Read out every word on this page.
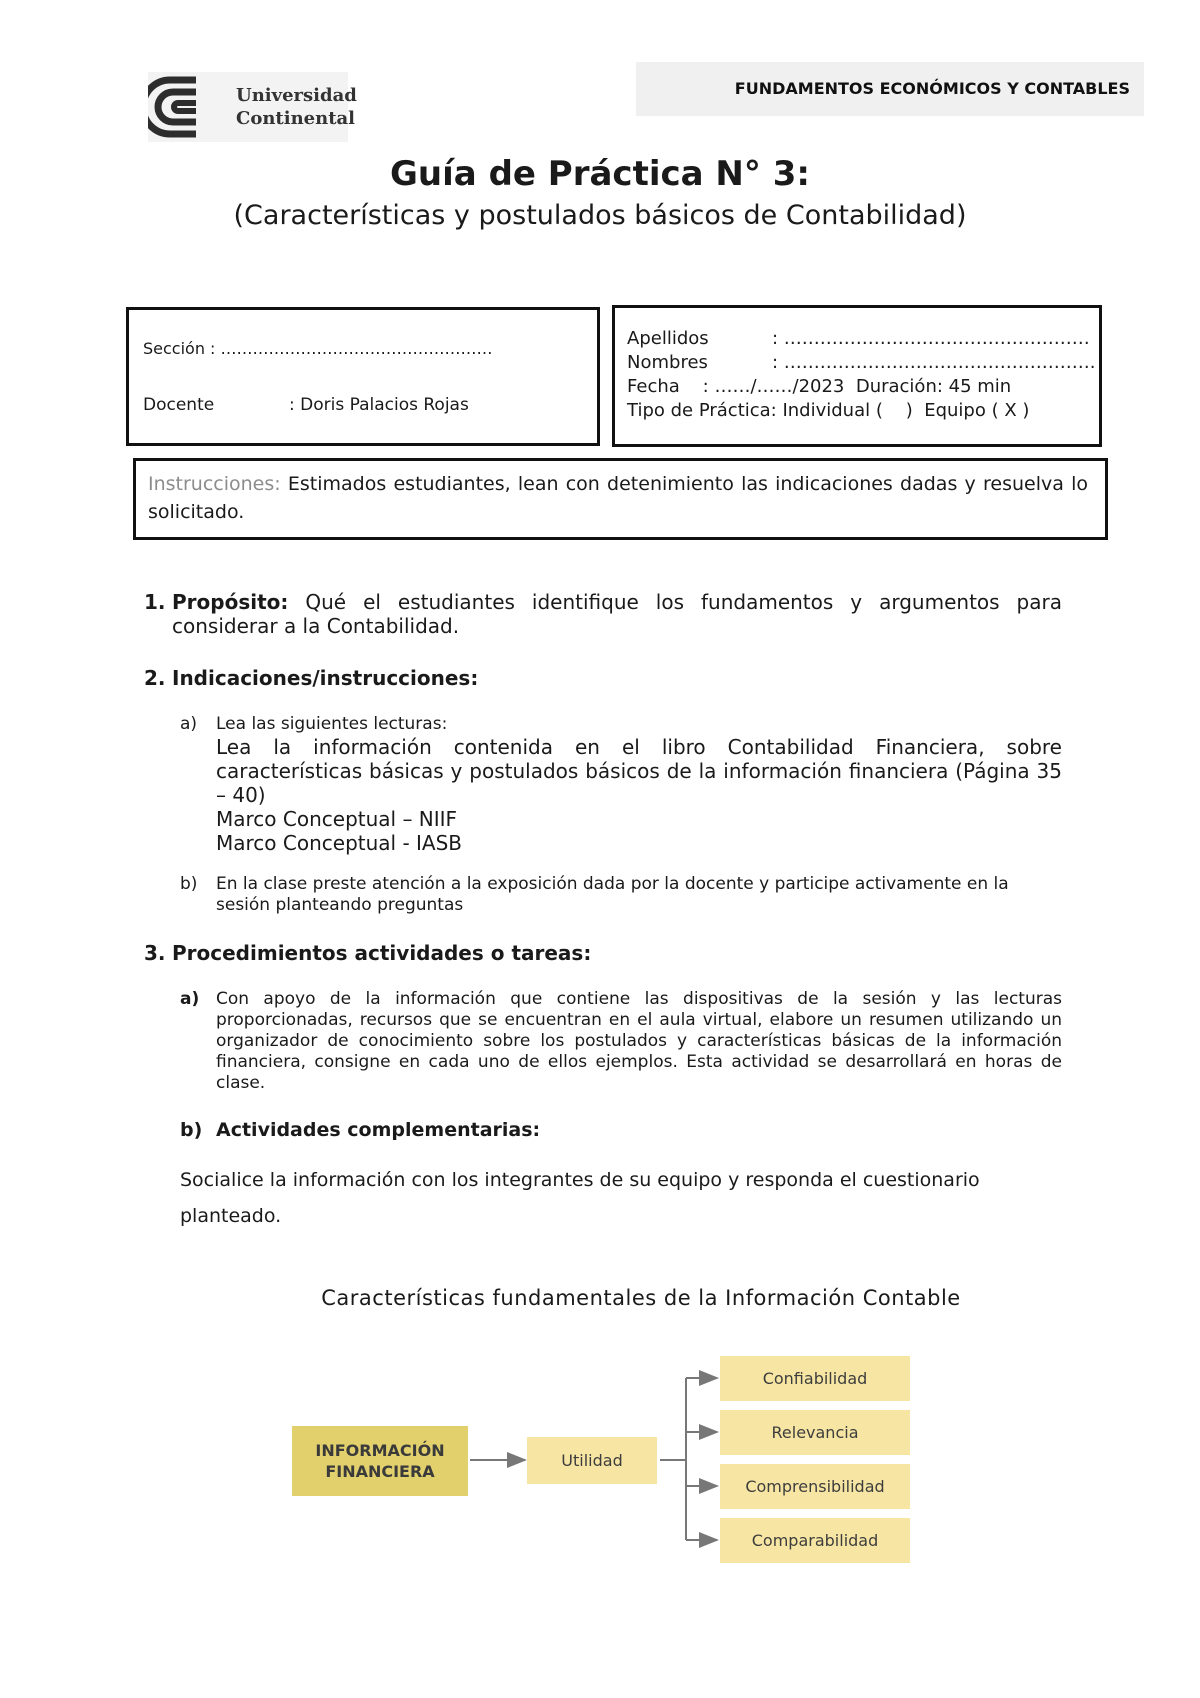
Universidad
Continental
FUNDAMENTOS ECONÓMICOS Y CONTABLES
Guía de Práctica N° 3:
(Características y postulados básicos de Contabilidad)
Sección : ……………………………………………
Docente	: Doris Palacios Rojas
Apellidos	: ……………………………………………
Nombres	: …………………………………………….
Fecha    : ……/……/2023  Duración: 45 min
Tipo de Práctica: Individual (    )  Equipo ( X )
Instrucciones: Estimados estudiantes, lean con detenimiento las indicaciones dadas y resuelva lo solicitado.
1. Propósito: Qué el estudiantes identifique los fundamentos y argumentos para considerar a la Contabilidad.
2. Indicaciones/instrucciones:
a) Lea las siguientes lecturas:
Lea la información contenida en el libro Contabilidad Financiera, sobre características básicas y postulados básicos de la información financiera (Página 35 – 40)
Marco Conceptual – NIIF
Marco Conceptual - IASB
b) En la clase preste atención a la exposición dada por la docente y participe activamente en la sesión planteando preguntas
3. Procedimientos actividades o tareas:
a) Con apoyo de la información que contiene las dispositivas de la sesión y las lecturas proporcionadas, recursos que se encuentran en el aula virtual, elabore un resumen utilizando un organizador de conocimiento sobre los postulados y características básicas de la información financiera, consigne en cada uno de ellos ejemplos. Esta actividad se desarrollará en horas de clase.
b) Actividades complementarias:
Socialice la información con los integrantes de su equipo y responda el cuestionario planteado.
Características fundamentales de la Información Contable
INFORMACIÓN
FINANCIERA
Utilidad
Confiabilidad
Relevancia
Comprensibilidad
Comparabilidad
